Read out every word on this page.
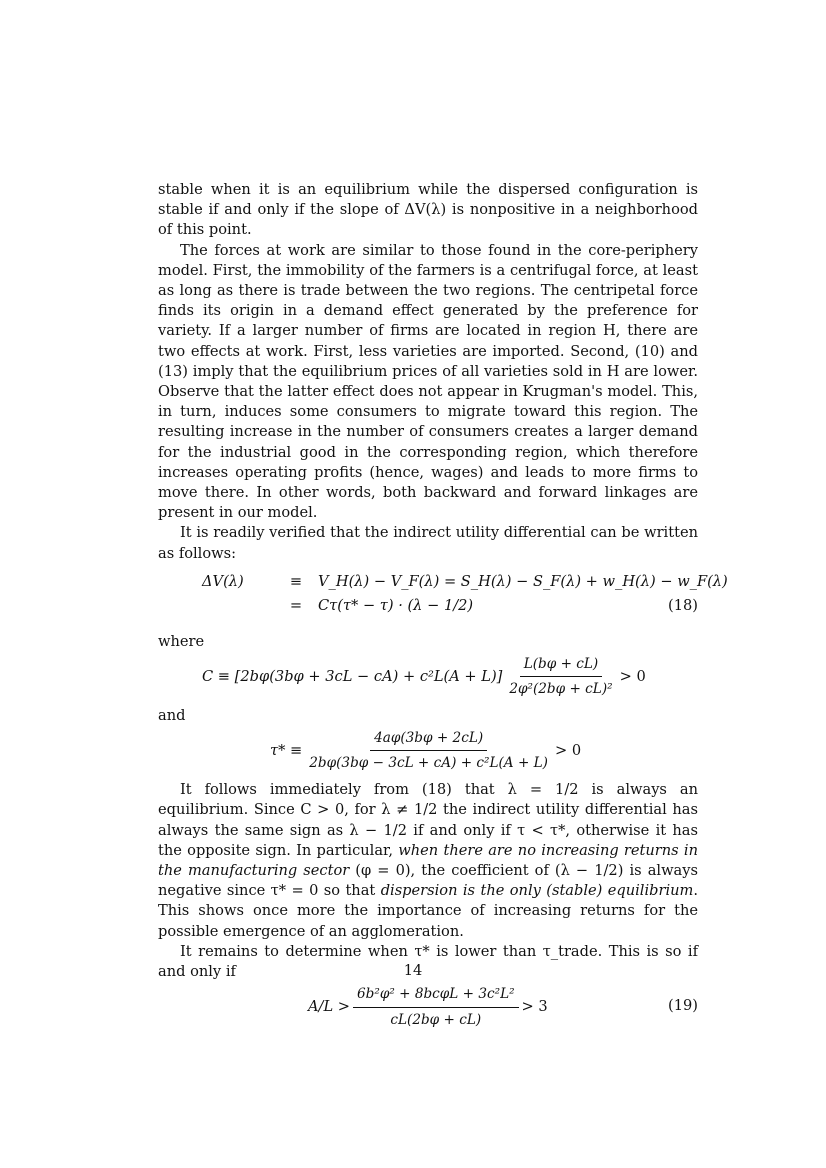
stable when it is an equilibrium while the dispersed configuration is stable if and only if the slope of ΔV(λ) is nonpositive in a neighborhood of this point.

The forces at work are similar to those found in the core-periphery model. First, the immobility of the farmers is a centrifugal force, at least as long as there is trade between the two regions. The centripetal force finds its origin in a demand effect generated by the preference for variety. If a larger number of firms are located in region H, there are two effects at work. First, less varieties are imported. Second, (10) and (13) imply that the equilibrium prices of all varieties sold in H are lower. Observe that the latter effect does not appear in Krugman's model. This, in turn, induces some consumers to migrate toward this region. The resulting increase in the number of consumers creates a larger demand for the industrial good in the corresponding region, which therefore increases operating profits (hence, wages) and leads to more firms to move there. In other words, both backward and forward linkages are present in our model.

It is readily verified that the indirect utility differential can be written as follows:

ΔV(λ)	≡ V_H(λ) − V_F(λ) = S_H(λ) − S_F(λ) + w_H(λ) − w_F(λ)
= Cτ(τ* − τ) · (λ − 1/2)	(18)

where

$C \equiv [2b\varphi(3b\varphi + 3cL - cA) + c^2L(A + L)] \frac{L(b\varphi + cL)}{\text{2φ²(2bφ + cL)²}} > 0$

and

$\tau* \equiv \frac{4a\varphi(3b\varphi + 2cL)}{\text{2bφ(3bφ − 3cL + cA) + c²L(A + L)}} > 0$

It follows immediately from (18) that λ = 1/2 is always an equilibrium. Since C > 0, for λ ≠ 1/2 the indirect utility differential has always the same sign as λ − 1/2 if and only if τ < τ*, otherwise it has the opposite sign. In particular, when there are no increasing returns in the manufacturing sector (φ = 0), the coefficient of (λ − 1/2) is always negative since τ* = 0 so that dispersion is the only (stable) equilibrium. This shows once more the importance of increasing returns for the possible emergence of an agglomeration.

It remains to determine when τ* is lower than τ_trade. This is so if and only if

$A/L > \frac{\text{6b²φ² + 8bcφL + 3c²L²}}{cL(2b\varphi + cL)} > 3$	(19)
14
